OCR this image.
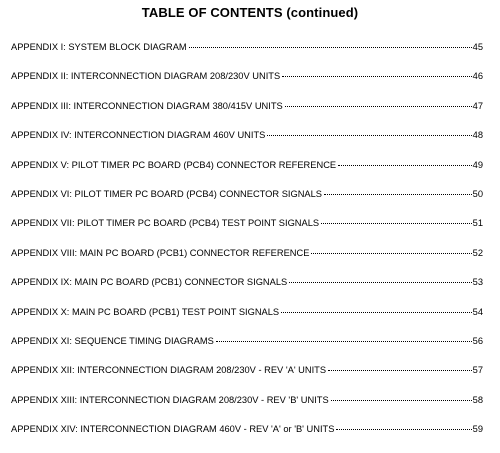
TABLE OF CONTENTS (continued)
APPENDIX I: SYSTEM BLOCK DIAGRAM	45
APPENDIX II: INTERCONNECTION DIAGRAM 208/230V UNITS	46
APPENDIX III: INTERCONNECTION DIAGRAM 380/415V UNITS	47
APPENDIX IV: INTERCONNECTION DIAGRAM 460V UNITS	48
APPENDIX V: PILOT TIMER PC BOARD (PCB4) CONNECTOR REFERENCE	49
APPENDIX VI: PILOT TIMER PC BOARD (PCB4) CONNECTOR SIGNALS	50
APPENDIX VII: PILOT TIMER PC BOARD (PCB4) TEST POINT SIGNALS	51
APPENDIX VIII: MAIN PC BOARD (PCB1) CONNECTOR REFERENCE	52
APPENDIX IX: MAIN PC BOARD (PCB1) CONNECTOR SIGNALS	53
APPENDIX X: MAIN PC BOARD (PCB1) TEST POINT SIGNALS	54
APPENDIX XI: SEQUENCE TIMING DIAGRAMS	56
APPENDIX XII: INTERCONNECTION DIAGRAM 208/230V - REV 'A' UNITS	57
APPENDIX XIII: INTERCONNECTION DIAGRAM 208/230V - REV 'B' UNITS	58
APPENDIX XIV: INTERCONNECTION DIAGRAM 460V - REV 'A' or 'B' UNITS	59
